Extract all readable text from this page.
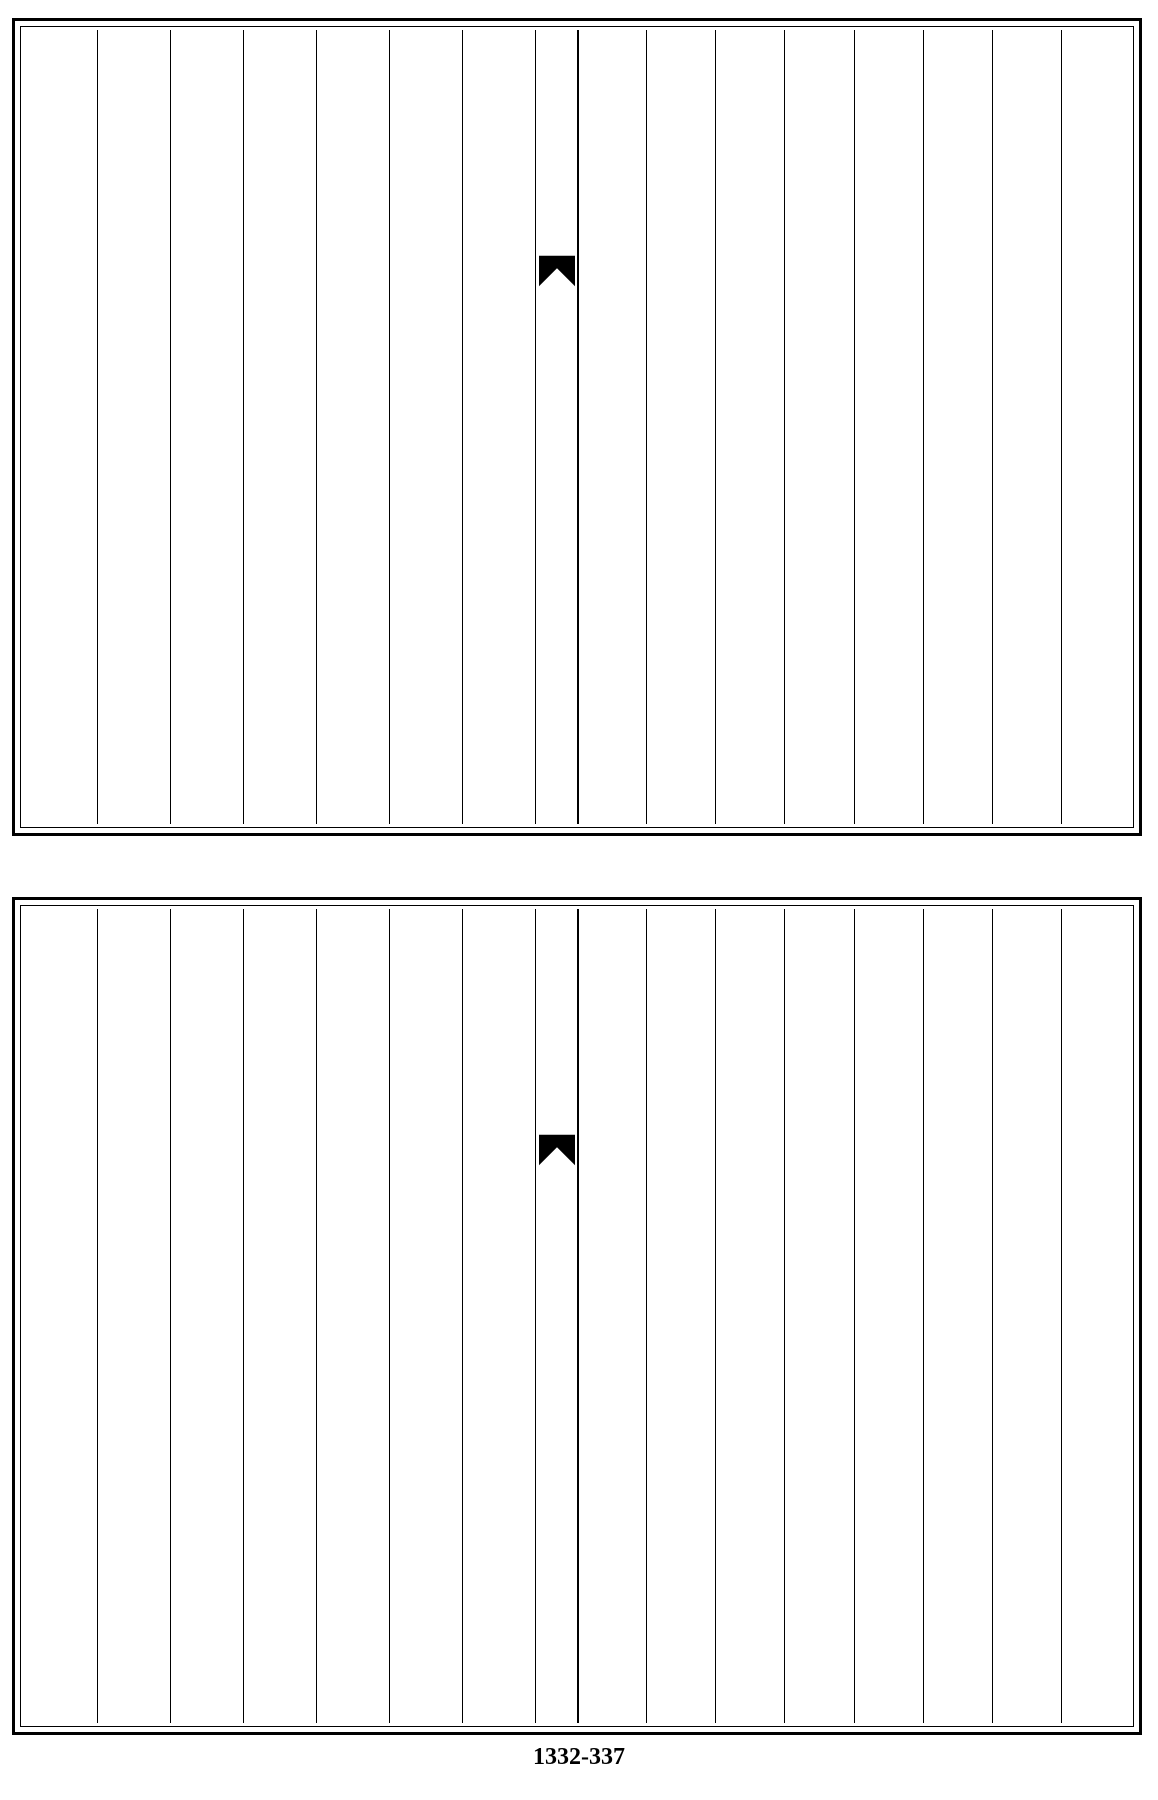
1332-337
